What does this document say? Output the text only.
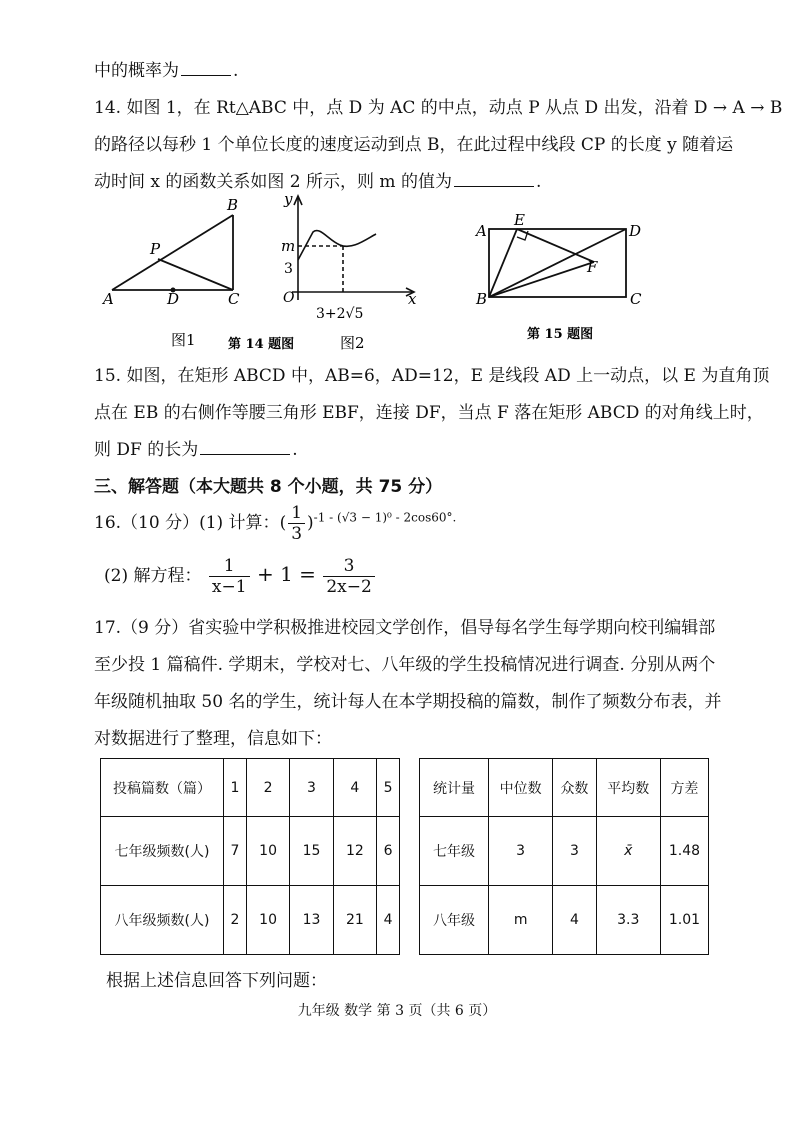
中的概率为	.
14. 如图 1，在 Rt△ABC 中，点 D 为 AC 的中点，动点 P 从点 D 出发，沿着 D → A → B
的路径以每秒 1 个单位长度的速度运动到点 B，在此过程中线段 CP 的长度 y 随着运
动时间 x 的函数关系如图 2 所示，则 m 的值为	.
B
P
A	D	C
图1
y
m
3
O
3+2√5
x
图2
第 14 题图
A
E
D
F
B	C
第 15 题图
15. 如图，在矩形 ABCD 中，AB=6，AD=12，E 是线段 AD 上一动点，以 E 为直角顶
点在 EB 的右侧作等腰三角形 EBF，连接 DF，当点 F 落在矩形 ABCD 的对角线上时，
则 DF 的长为	.
三、解答题（本大题共 8 个小题，共 75 分）
16.（10 分）(1) 计算：( $\frac{1}{3} )^{-1 - (√3 - 1)^0 - 2cos60^\circ.}$
(2) 解方程： $\frac{1}{x-1} + 1 = \frac{3}{2x-2}$
17.（9 分）省实验中学积极推进校园文学创作，倡导每名学生每学期向校刊编辑部
至少投 1 篇稿件. 学期末，学校对七、八年级的学生投稿情况进行调查. 分别从两个
年级随机抽取 50 名的学生，统计每人在本学期投稿的篇数，制作了频数分布表，并
对数据进行了整理，信息如下：
投稿篇数（篇）	1	2	3	4	5
七年级频数(人)	7	10	15	12	6
八年级频数(人)	2	10	13	21	4
统计量	中位数	众数	平均数	方差
七年级	3	3	x̄	1.48
八年级	m	4	3.3	1.01
根据上述信息回答下列问题：
九年级 数学 第 3 页（共 6 页）
